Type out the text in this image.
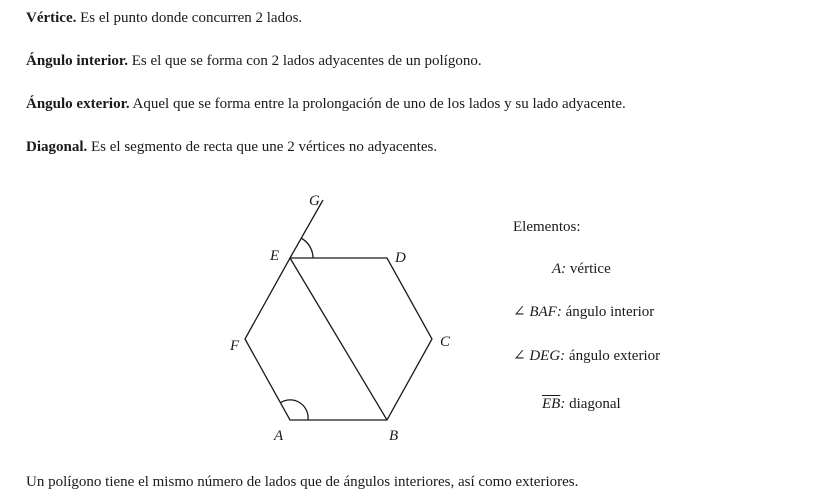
Vértice. Es el punto donde concurren 2 lados.
Ángulo interior. Es el que se forma con 2 lados adyacentes de un polígono.
Ángulo exterior. Aquel que se forma entre la prolongación de uno de los lados y su lado adyacente.
Diagonal. Es el segmento de recta que une 2 vértices no adyacentes.
G
E	D
F	C
A	B
Elementos:
A: vértice
∠ BAF: ángulo interior
∠ DEG: ángulo exterior
$\overline{EB}$: diagonal
Un polígono tiene el mismo número de lados que de ángulos interiores, así como exteriores.
